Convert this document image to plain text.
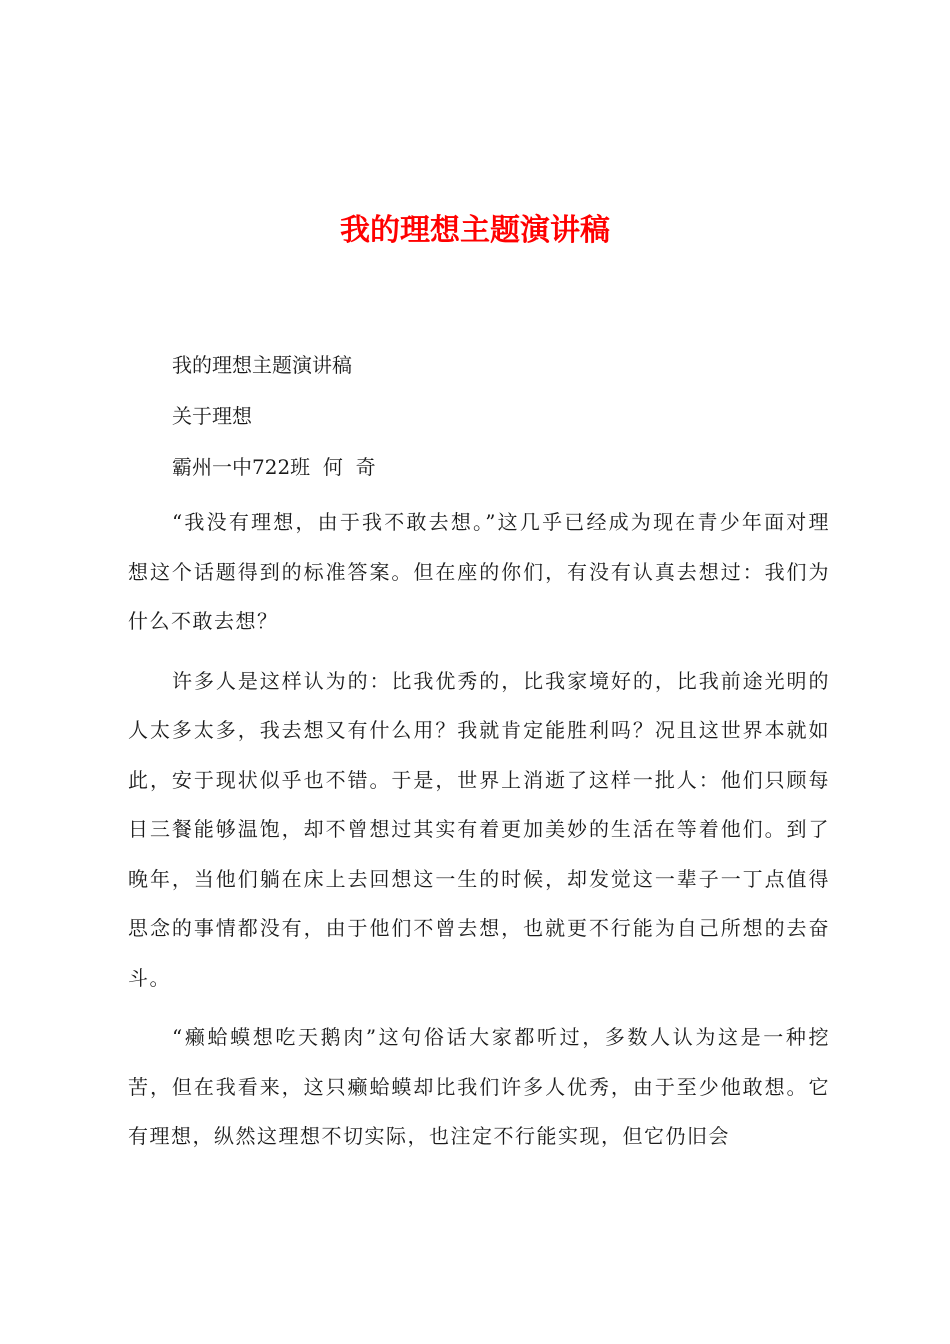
我的理想主题演讲稿

我的理想主题演讲稿

关于理想

霸州一中722班  何  奇

“我没有理想，由于我不敢去想。”这几乎已经成为现在青少年面对理想这个话题得到的标准答案。但在座的你们，有没有认真去想过：我们为什么不敢去想？

许多人是这样认为的：比我优秀的，比我家境好的，比我前途光明的人太多太多，我去想又有什么用？我就肯定能胜利吗？况且这世界本就如此，安于现状似乎也不错。于是，世界上消逝了这样一批人：他们只顾每日三餐能够温饱，却不曾想过其实有着更加美妙的生活在等着他们。到了晚年，当他们躺在床上去回想这一生的时候，却发觉这一辈子一丁点值得思念的事情都没有，由于他们不曾去想，也就更不行能为自己所想的去奋斗。

“癞蛤蟆想吃天鹅肉”这句俗话大家都听过，多数人认为这是一种挖苦，但在我看来，这只癞蛤蟆却比我们许多人优秀，由于至少他敢想。它有理想，纵然这理想不切实际，也注定不行能实现，但它仍旧会
